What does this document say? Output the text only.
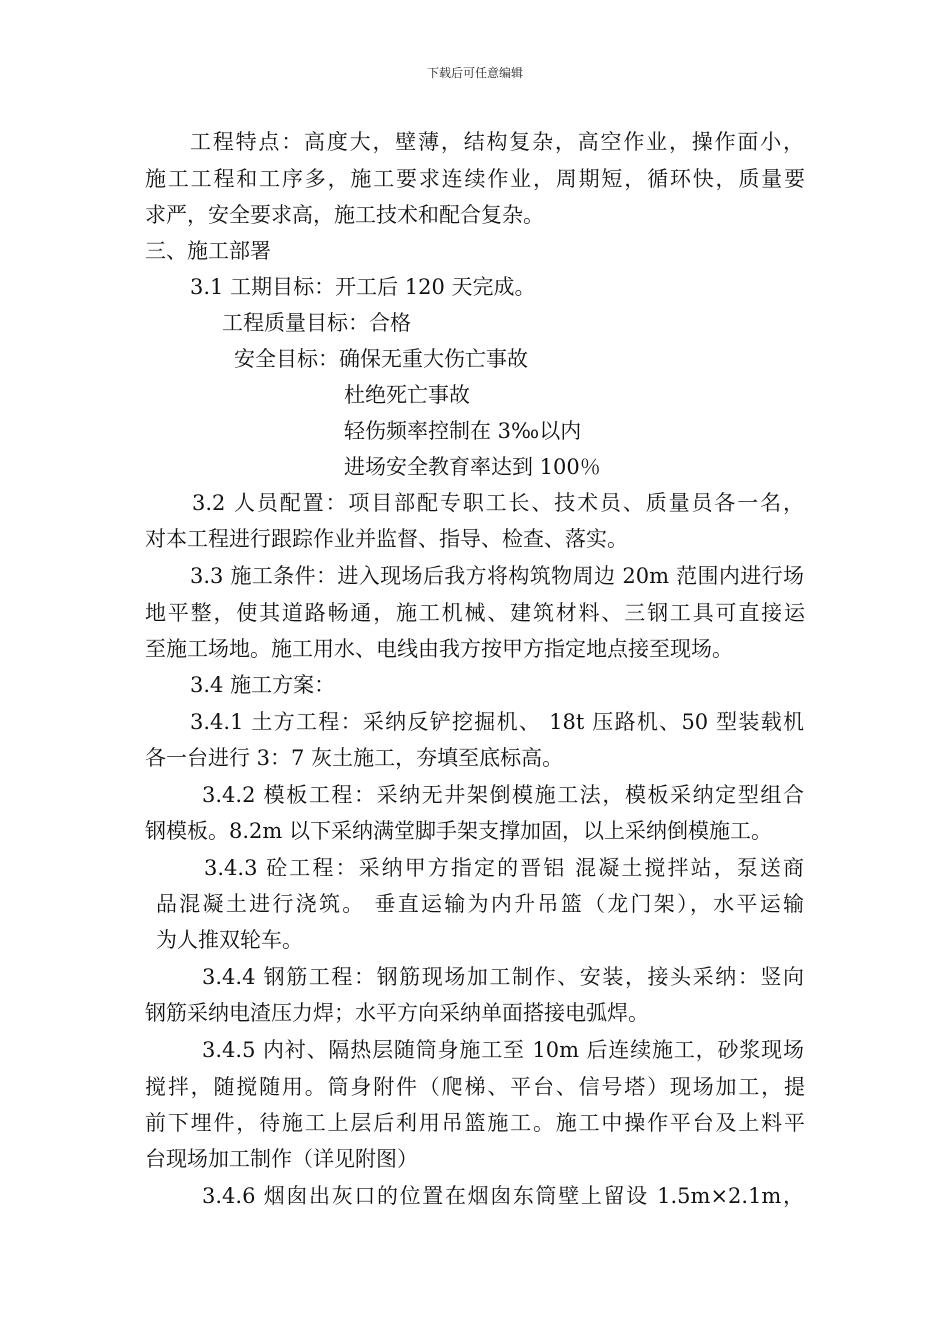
下载后可任意编辑
工程特点：高度大，壁薄，结构复杂，高空作业，操作面小，
施工工程和工序多，施工要求连续作业，周期短，循环快，质量要
求严，安全要求高，施工技术和配合复杂。
三、施工部署
3.1 工期目标：开工后 120 天完成。
工程质量目标：合格
安全目标：确保无重大伤亡事故
杜绝死亡事故
轻伤频率控制在 3‰以内
进场安全教育率达到 100％
3.2 人员配置：项目部配专职工长、技术员、质量员各一名，
对本工程进行跟踪作业并监督、指导、检查、落实。
3.3 施工条件：进入现场后我方将构筑物周边 20m 范围内进行场
地平整，使其道路畅通，施工机械、建筑材料、三钢工具可直接运
至施工场地。施工用水、电线由我方按甲方指定地点接至现场。
3.4 施工方案：
3.4.1 土方工程：采纳反铲挖掘机、 18t 压路机、50 型装载机
各一台进行 3：7 灰土施工，夯填至底标高。
3.4.2 模板工程：采纳无井架倒模施工法，模板采纳定型组合
钢模板。8.2m 以下采纳满堂脚手架支撑加固，以上采纳倒模施工。
3.4.3 砼工程：采纳甲方指定的晋铝 混凝土搅拌站，泵送商
品混凝土进行浇筑。 垂直运输为内升吊篮（龙门架），水平运输
为人推双轮车。
3.4.4 钢筋工程：钢筋现场加工制作、安装，接头采纳：竖向
钢筋采纳电渣压力焊；水平方向采纳单面搭接电弧焊。
3.4.5 内衬、隔热层随筒身施工至 10m 后连续施工，砂浆现场
搅拌，随搅随用。筒身附件（爬梯、平台、信号塔）现场加工，提
前下埋件，待施工上层后利用吊篮施工。施工中操作平台及上料平
台现场加工制作（详见附图）
3.4.6 烟囱出灰口的位置在烟囱东筒壁上留设 1.5m×2.1m，
